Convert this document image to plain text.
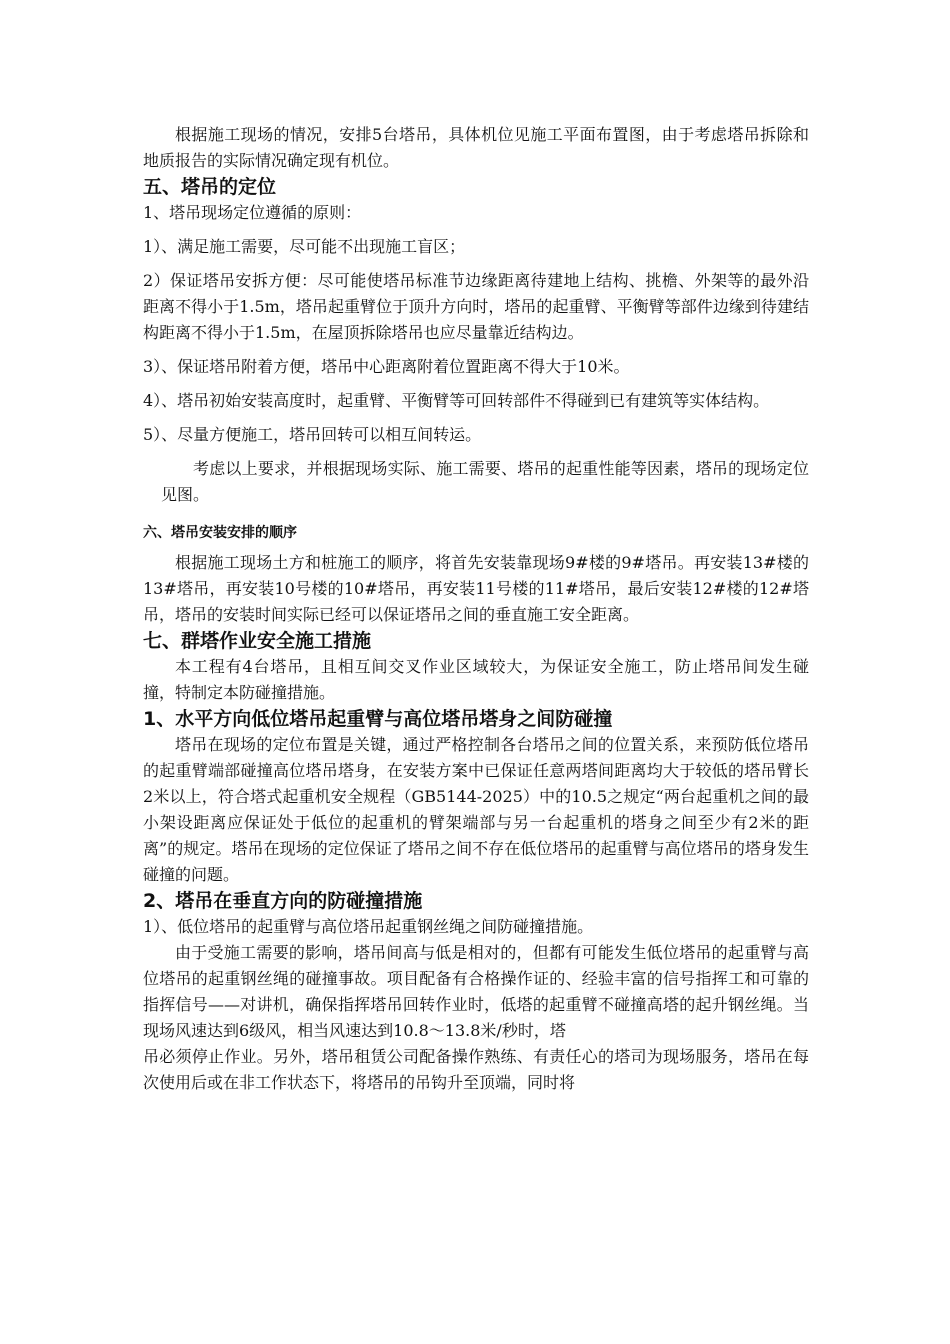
根据施工现场的情况，安排5台塔吊，具体机位见施工平面布置图，由于考虑塔吊拆除和地质报告的实际情况确定现有机位。

五、塔吊的定位

1、塔吊现场定位遵循的原则：

1）、满足施工需要，尽可能不出现施工盲区；

2）保证塔吊安拆方便：尽可能使塔吊标准节边缘距离待建地上结构、挑檐、外架等的最外沿距离不得小于1.5m，塔吊起重臂位于顶升方向时，塔吊的起重臂、平衡臂等部件边缘到待建结构距离不得小于1.5m，在屋顶拆除塔吊也应尽量靠近结构边。

3）、保证塔吊附着方便，塔吊中心距离附着位置距离不得大于10米。

4）、塔吊初始安装高度时，起重臂、平衡臂等可回转部件不得碰到已有建筑等实体结构。

5）、尽量方便施工，塔吊回转可以相互间转运。

考虑以上要求，并根据现场实际、施工需要、塔吊的起重性能等因素，塔吊的现场定位见图。

六、塔吊安装安排的顺序

根据施工现场土方和桩施工的顺序，将首先安装靠现场9#楼的9#塔吊。再安装13#楼的13#塔吊，再安装10号楼的10#塔吊，再安装11号楼的11#塔吊，最后安装12#楼的12#塔吊，塔吊的安装时间实际已经可以保证塔吊之间的垂直施工安全距离。

七、群塔作业安全施工措施

本工程有4台塔吊，且相互间交叉作业区域较大，为保证安全施工，防止塔吊间发生碰撞，特制定本防碰撞措施。

1、水平方向低位塔吊起重臂与高位塔吊塔身之间防碰撞

塔吊在现场的定位布置是关键，通过严格控制各台塔吊之间的位置关系，来预防低位塔吊的起重臂端部碰撞高位塔吊塔身，在安装方案中已保证任意两塔间距离均大于较低的塔吊臂长2米以上，符合塔式起重机安全规程（GB5144-2025）中的10.5之规定“两台起重机之间的最小架设距离应保证处于低位的起重机的臂架端部与另一台起重机的塔身之间至少有2米的距离”的规定。塔吊在现场的定位保证了塔吊之间不存在低位塔吊的起重臂与高位塔吊的塔身发生碰撞的问题。

2、塔吊在垂直方向的防碰撞措施

1）、低位塔吊的起重臂与高位塔吊起重钢丝绳之间防碰撞措施。

由于受施工需要的影响，塔吊间高与低是相对的，但都有可能发生低位塔吊的起重臂与高位塔吊的起重钢丝绳的碰撞事故。项目配备有合格操作证的、经验丰富的信号指挥工和可靠的指挥信号——对讲机，确保指挥塔吊回转作业时，低塔的起重臂不碰撞高塔的起升钢丝绳。当现场风速达到6级风，相当风速达到10.8～13.8米/秒时，塔

吊必须停止作业。另外，塔吊租赁公司配备操作熟练、有责任心的塔司为现场服务，塔吊在每次使用后或在非工作状态下，将塔吊的吊钩升至顶端，同时将
